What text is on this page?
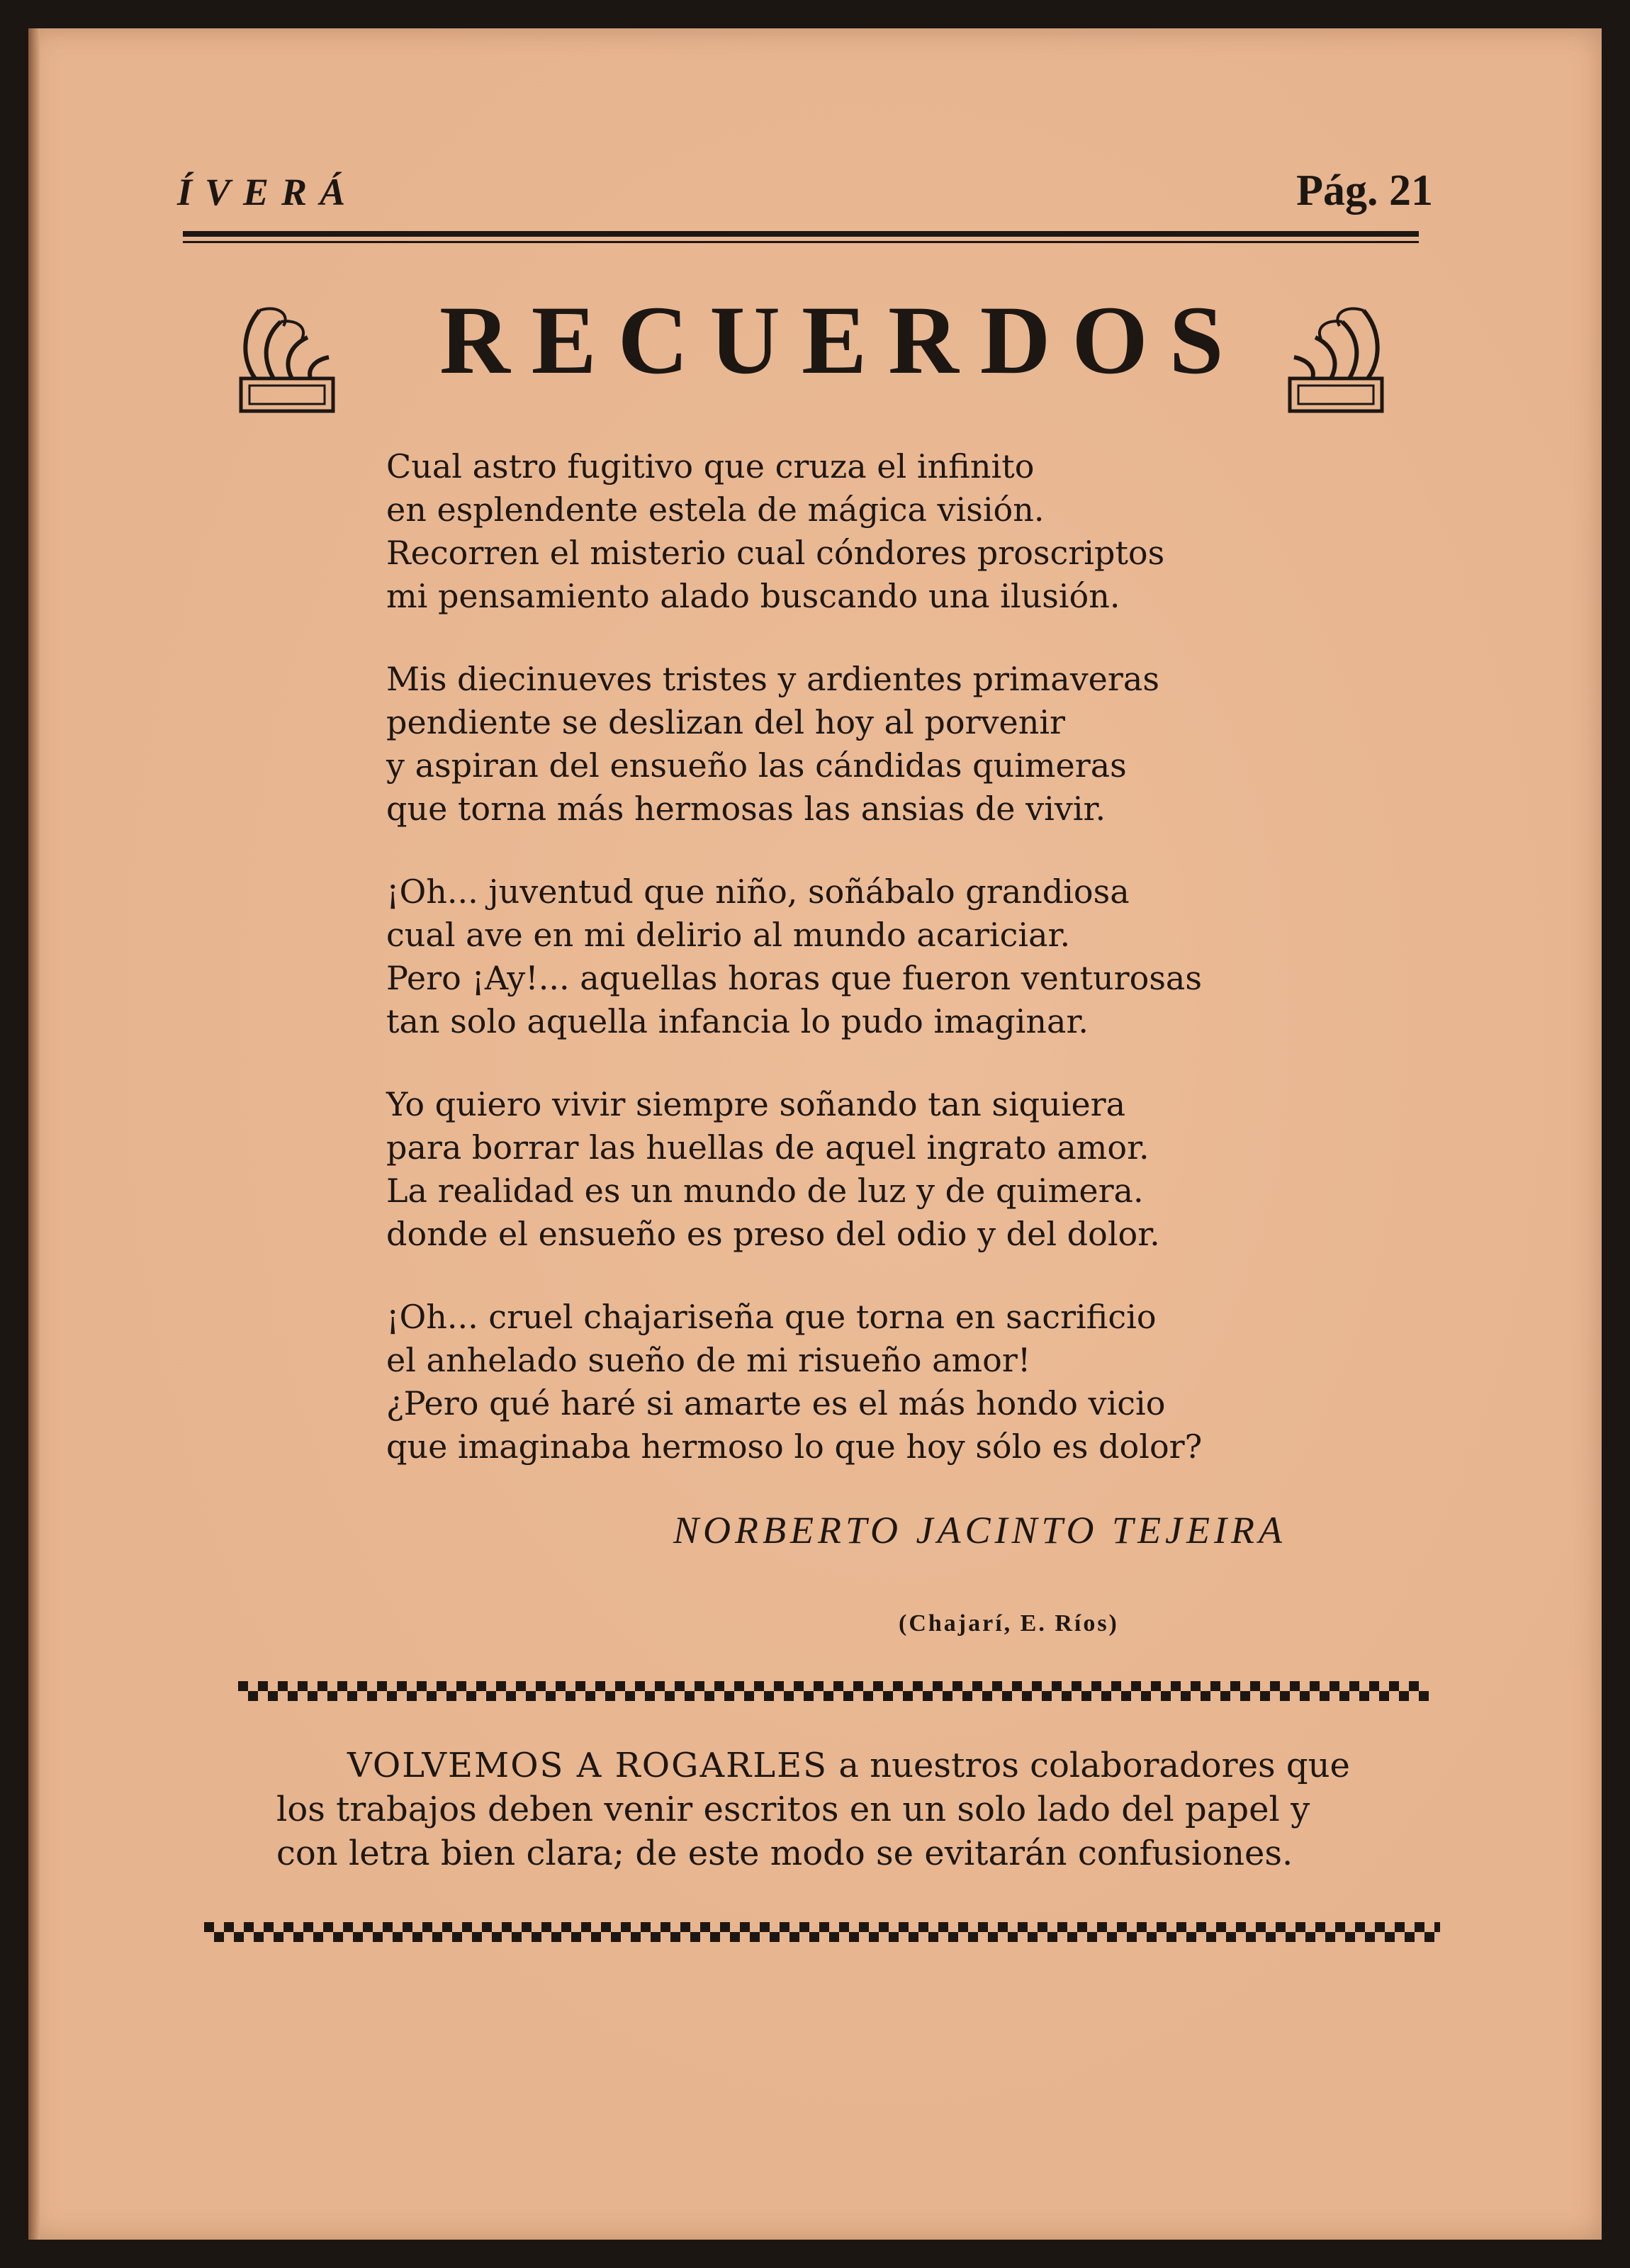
ÍVERÁ	Pág. 21
RECUERDOS
Cual astro fugitivo que cruza el infinito
en esplendente estela de mágica visión.
Recorren el misterio cual cóndores proscriptos
mi pensamiento alado buscando una ilusión.
Mis diecinueves tristes y ardientes primaveras
pendiente se deslizan del hoy al porvenir
y aspiran del ensueño las cándidas quimeras
que torna más hermosas las ansias de vivir.
¡Oh... juventud que niño, soñábalo grandiosa
cual ave en mi delirio al mundo acariciar.
Pero ¡Ay!... aquellas horas que fueron venturosas
tan solo aquella infancia lo pudo imaginar.
Yo quiero vivir siempre soñando tan siquiera
para borrar las huellas de aquel ingrato amor.
La realidad es un mundo de luz y de quimera.
donde el ensueño es preso del odio y del dolor.
¡Oh... cruel chajariseña que torna en sacrificio
el anhelado sueño de mi risueño amor!
¿Pero qué haré si amarte es el más hondo vicio
que imaginaba hermoso lo que hoy sólo es dolor?
NORBERTO JACINTO TEJEIRA
(Chajarí, E. Ríos)
VOLVEMOS A ROGARLES a nuestros colaboradores que
los trabajos deben venir escritos en un solo lado del papel y
con letra bien clara; de este modo se evitarán confusiones.
